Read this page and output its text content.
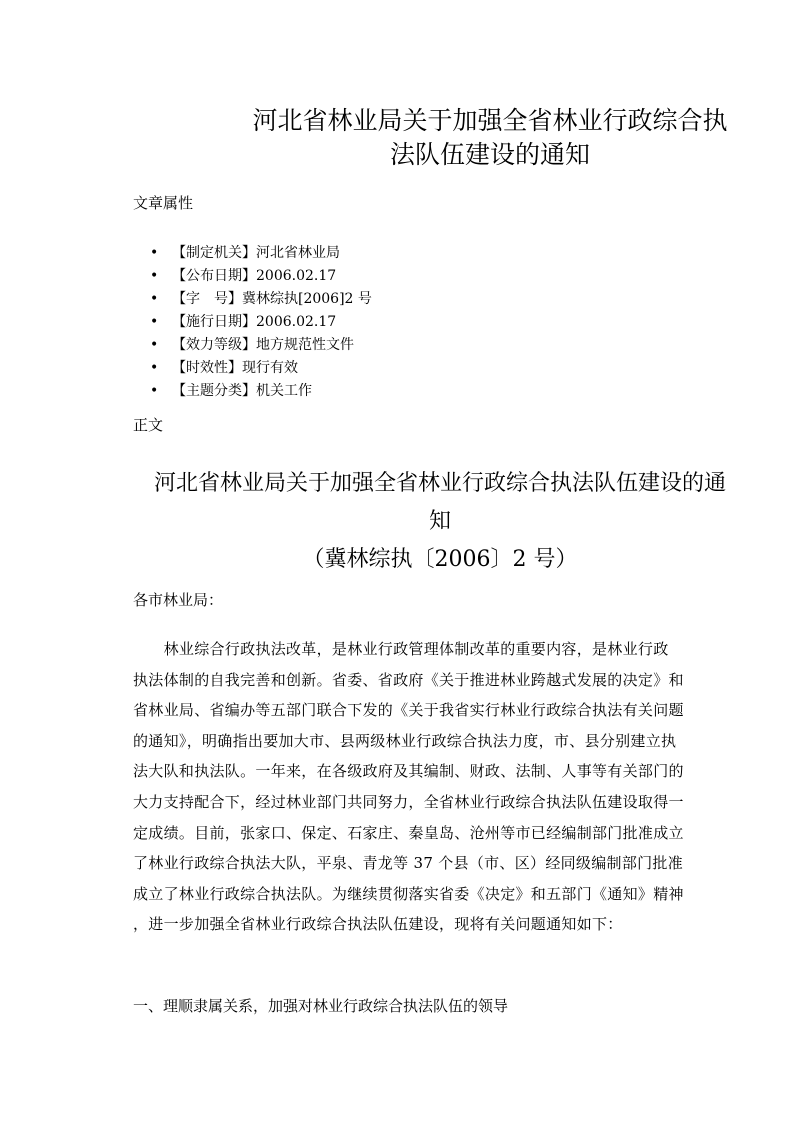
河北省林业局关于加强全省林业行政综合执
法队伍建设的通知

文章属性

• 【制定机关】河北省林业局
• 【公布日期】2006.02.17
• 【字　号】冀林综执[2006]2 号
• 【施行日期】2006.02.17
• 【效力等级】地方规范性文件
• 【时效性】现行有效
• 【主题分类】机关工作

正文

河北省林业局关于加强全省林业行政综合执法队伍建设的通
知
（冀林综执〔2006〕2 号）

各市林业局：

　　林业综合行政执法改革，是林业行政管理体制改革的重要内容，是林业行政
执法体制的自我完善和创新。省委、省政府《关于推进林业跨越式发展的决定》和
省林业局、省编办等五部门联合下发的《关于我省实行林业行政综合执法有关问题
的通知》，明确指出要加大市、县两级林业行政综合执法力度，市、县分别建立执
法大队和执法队。一年来，在各级政府及其编制、财政、法制、人事等有关部门的
大力支持配合下，经过林业部门共同努力，全省林业行政综合执法队伍建设取得一
定成绩。目前，张家口、保定、石家庄、秦皇岛、沧州等市已经编制部门批准成立
了林业行政综合执法大队，平泉、青龙等 37 个县（市、区）经同级编制部门批准
成立了林业行政综合执法队。为继续贯彻落实省委《决定》和五部门《通知》精神
，进一步加强全省林业行政综合执法队伍建设，现将有关问题通知如下：

一、理顺隶属关系，加强对林业行政综合执法队伍的领导
